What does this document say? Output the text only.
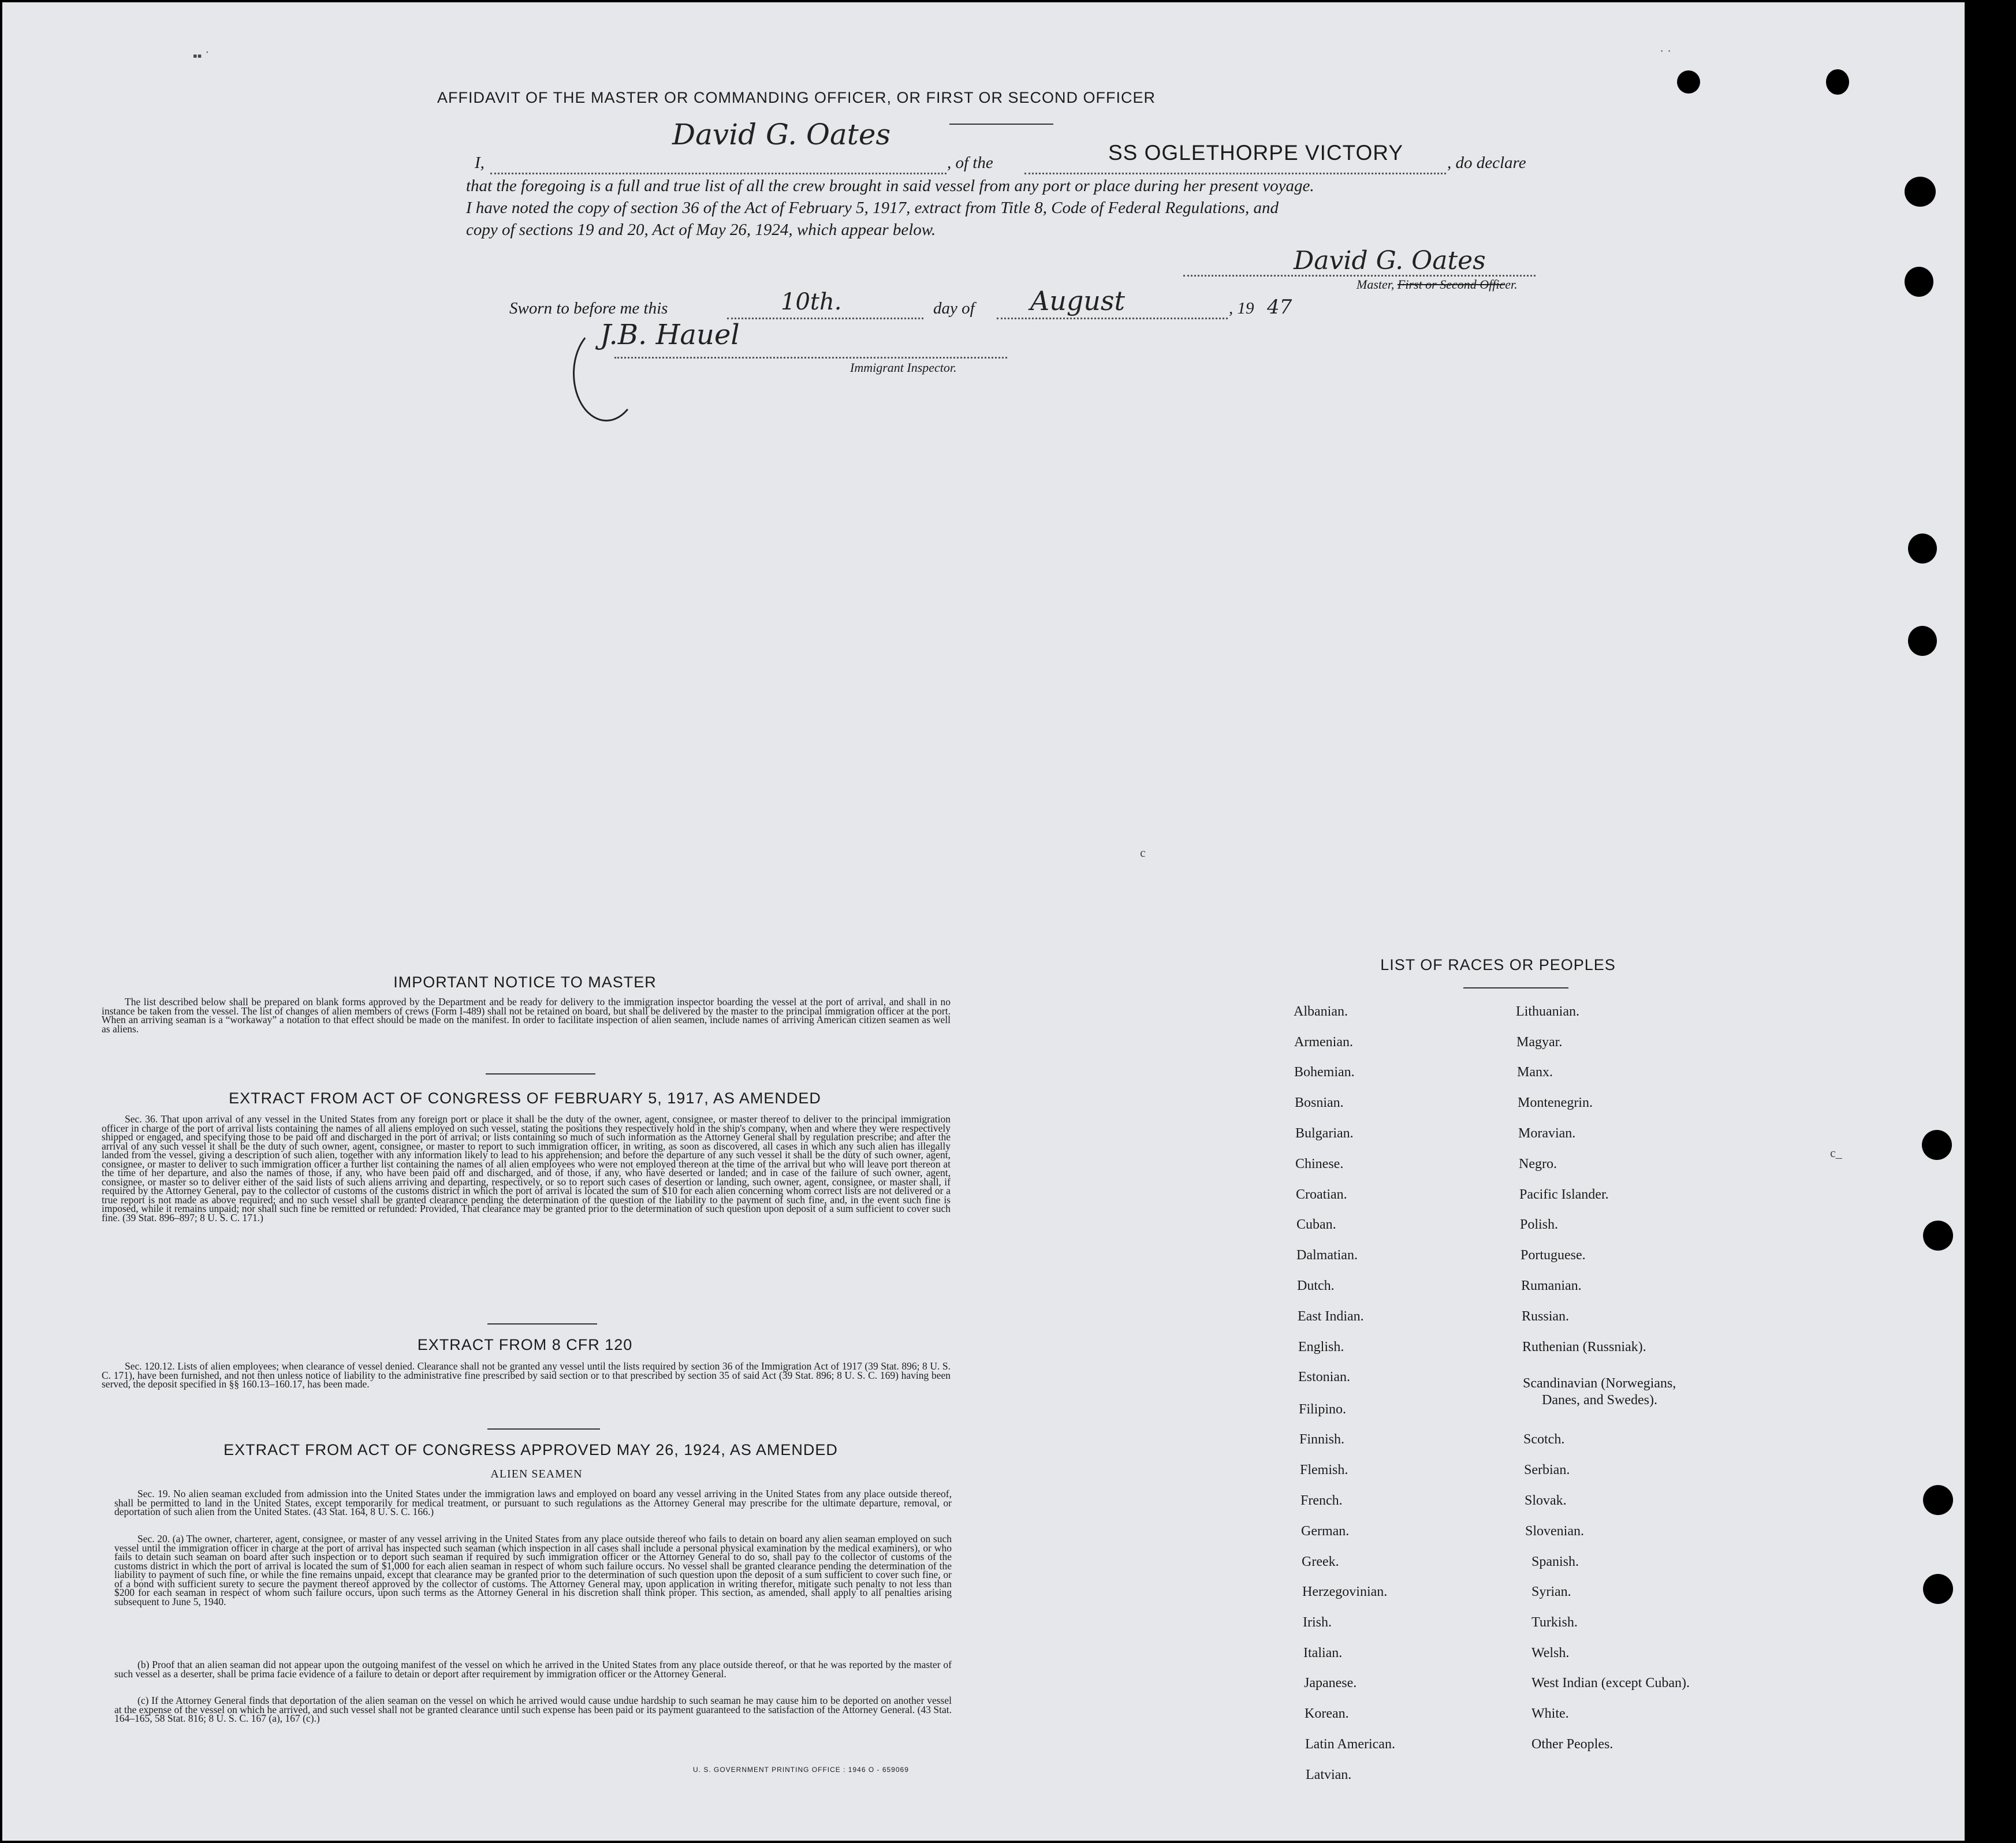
▪▪ ˙	˙ ˙
c
c_
AFFIDAVIT OF THE MASTER OR COMMANDING OFFICER, OR FIRST OR SECOND OFFICER
I,
David G. Oates
, of the	SS OGLETHORPE VICTORY	, do declare
that the foregoing is a full and true list of all the crew brought in said vessel from any port or place during her present voyage.
I have noted the copy of section 36 of the Act of February 5, 1917, extract from Title 8, Code of Federal Regulations, and
copy of sections 19 and 20, Act of May 26, 1924, which appear below.
David G. Oates
Master, First or Second Officer.
Sworn to before me this	10th.	day of August	, 19 47
J.B. Hauel
Immigrant Inspector.
IMPORTANT NOTICE TO MASTER
The list described below shall be prepared on blank forms approved by the Department and be ready for delivery to the immigration inspector boarding the vessel at the port of arrival, and shall in no instance be taken from the vessel. The list of changes of alien members of crews (Form I-489) shall not be retained on board, but shall be delivered by the master to the principal immigration officer at the port. When an arriving seaman is a “workaway” a notation to that effect should be made on the manifest. In order to facilitate inspection of alien seamen, include names of arriving American citizen seamen as well as aliens.
EXTRACT FROM ACT OF CONGRESS OF FEBRUARY 5, 1917, AS AMENDED
Sec. 36. That upon arrival of any vessel in the United States from any foreign port or place it shall be the duty of the owner, agent, consignee, or master thereof to deliver to the principal immigration officer in charge of the port of arrival lists containing the names of all aliens employed on such vessel, stating the positions they respectively hold in the ship's company, when and where they were respectively shipped or engaged, and specifying those to be paid off and discharged in the port of arrival; or lists containing so much of such information as the Attorney General shall by regulation prescribe; and after the arrival of any such vessel it shall be the duty of such owner, agent, consignee, or master to report to such immigration officer, in writing, as soon as discovered, all cases in which any such alien has illegally landed from the vessel, giving a description of such alien, together with any information likely to lead to his apprehension; and before the departure of any such vessel it shall be the duty of such owner, agent, consignee, or master to deliver to such immigration officer a further list containing the names of all alien employees who were not employed thereon at the time of the arrival but who will leave port thereon at the time of her departure, and also the names of those, if any, who have been paid off and discharged, and of those, if any, who have deserted or landed; and in case of the failure of such owner, agent, consignee, or master so to deliver either of the said lists of such aliens arriving and departing, respectively, or so to report such cases of desertion or landing, such owner, agent, consignee, or master shall, if required by the Attorney General, pay to the collector of customs of the customs district in which the port of arrival is located the sum of $10 for each alien concerning whom correct lists are not delivered or a true report is not made as above required; and no such vessel shall be granted clearance pending the determination of the question of the liability to the payment of such fine, and, in the event such fine is imposed, while it remains unpaid; nor shall such fine be remitted or refunded: Provided, That clearance may be granted prior to the determination of such question upon deposit of a sum sufficient to cover such fine. (39 Stat. 896–897; 8 U. S. C. 171.)
EXTRACT FROM 8 CFR 120
Sec. 120.12. Lists of alien employees; when clearance of vessel denied. Clearance shall not be granted any vessel until the lists required by section 36 of the Immigration Act of 1917 (39 Stat. 896; 8 U. S. C. 171), have been furnished, and not then unless notice of liability to the administrative fine prescribed by said section or to that prescribed by section 35 of said Act (39 Stat. 896; 8 U. S. C. 169) having been served, the deposit specified in §§ 160.13–160.17, has been made.
EXTRACT FROM ACT OF CONGRESS APPROVED MAY 26, 1924, AS AMENDED
ALIEN SEAMEN
Sec. 19. No alien seaman excluded from admission into the United States under the immigration laws and employed on board any vessel arriving in the United States from any place outside thereof, shall be permitted to land in the United States, except temporarily for medical treatment, or pursuant to such regulations as the Attorney General may prescribe for the ultimate departure, removal, or deportation of such alien from the United States. (43 Stat. 164, 8 U. S. C. 166.)
Sec. 20. (a) The owner, charterer, agent, consignee, or master of any vessel arriving in the United States from any place outside thereof who fails to detain on board any alien seaman employed on such vessel until the immigration officer in charge at the port of arrival has inspected such seaman (which inspection in all cases shall include a personal physical examination by the medical examiners), or who fails to detain such seaman on board after such inspection or to deport such seaman if required by such immigration officer or the Attorney General to do so, shall pay to the collector of customs of the customs district in which the port of arrival is located the sum of $1,000 for each alien seaman in respect of whom such failure occurs. No vessel shall be granted clearance pending the determination of the liability to payment of such fine, or while the fine remains unpaid, except that clearance may be granted prior to the determination of such question upon the deposit of a sum sufficient to cover such fine, or of a bond with sufficient surety to secure the payment thereof approved by the collector of customs. The Attorney General may, upon application in writing therefor, mitigate such penalty to not less than $200 for each seaman in respect of whom such failure occurs, upon such terms as the Attorney General in his discretion shall think proper. This section, as amended, shall apply to all penalties arising subsequent to June 5, 1940.
(b) Proof that an alien seaman did not appear upon the outgoing manifest of the vessel on which he arrived in the United States from any place outside thereof, or that he was reported by the master of such vessel as a deserter, shall be prima facie evidence of a failure to detain or deport after requirement by immigration officer or the Attorney General.
(c) If the Attorney General finds that deportation of the alien seaman on the vessel on which he arrived would cause undue hardship to such seaman he may cause him to be deported on another vessel at the expense of the vessel on which he arrived, and such vessel shall not be granted clearance until such expense has been paid or its payment guaranteed to the satisfaction of the Attorney General. (43 Stat. 164–165, 58 Stat. 816; 8 U. S. C. 167 (a), 167 (c).)
U. S. GOVERNMENT PRINTING OFFICE : 1946 O - 659069
LIST OF RACES OR PEOPLES
Albanian.
Armenian.
Bohemian.
Bosnian.
Bulgarian.
Chinese.
Croatian.
Cuban.
Dalmatian.
Dutch.
East Indian.
English.
Estonian.
Filipino.
Finnish.
Flemish.
French.
German.
Greek.
Herzegovinian.
Irish.
Italian.
Japanese.
Korean.
Latin American.
Latvian.
Lithuanian.
Magyar.
Manx.
Montenegrin.
Moravian.
Negro.
Pacific Islander.
Polish.
Portuguese.
Rumanian.
Russian.
Ruthenian (Russniak).
Scandinavian (Norwegians,
Danes, and Swedes).
Scotch.
Serbian.
Slovak.
Slovenian.
Spanish.
Syrian.
Turkish.
Welsh.
West Indian (except Cuban).
White.
Other Peoples.
